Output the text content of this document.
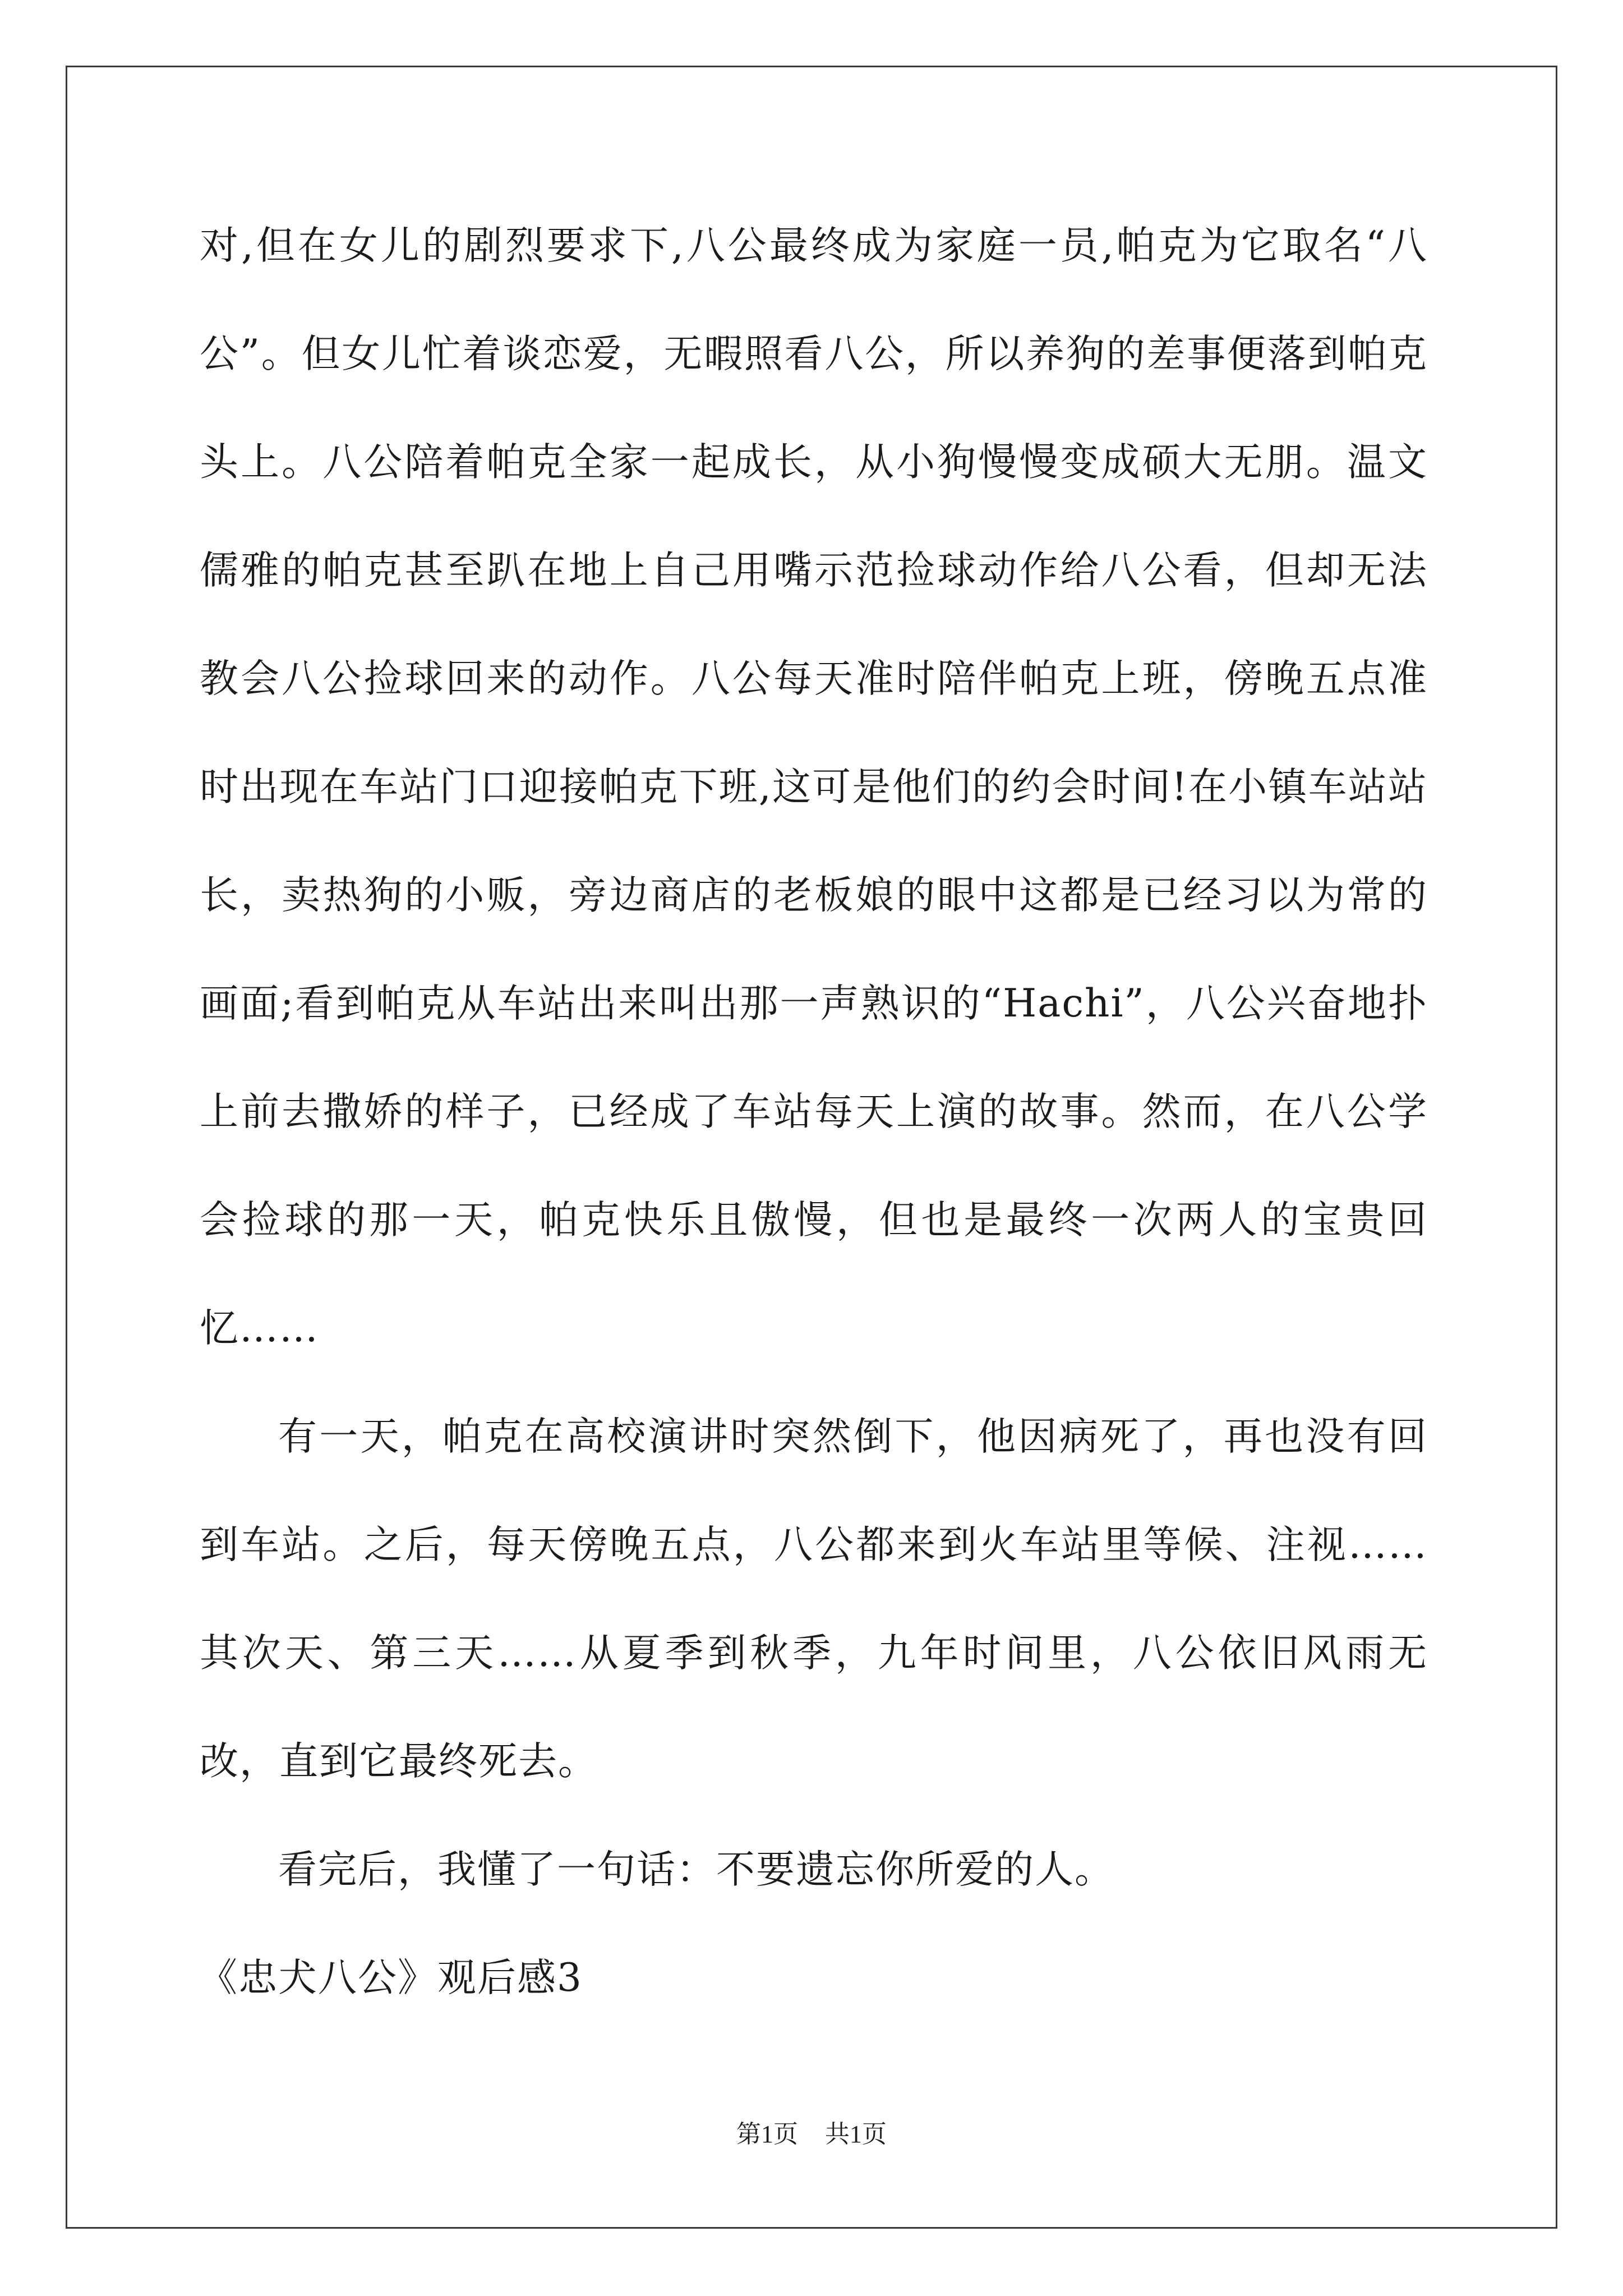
对,但在女儿的剧烈要求下,八公最终成为家庭一员,帕克为它取名“八公”。但女儿忙着谈恋爱，无暇照看八公，所以养狗的差事便落到帕克头上。八公陪着帕克全家一起成长，从小狗慢慢变成硕大无朋。温文儒雅的帕克甚至趴在地上自己用嘴示范捡球动作给八公看，但却无法教会八公捡球回来的动作。八公每天准时陪伴帕克上班，傍晚五点准时出现在车站门口迎接帕克下班,这可是他们的约会时间!在小镇车站站长，卖热狗的小贩，旁边商店的老板娘的眼中这都是已经习以为常的画面;看到帕克从车站出来叫出那一声熟识的“Hachi”，八公兴奋地扑上前去撒娇的样子，已经成了车站每天上演的故事。然而，在八公学会捡球的那一天，帕克快乐且傲慢，但也是最终一次两人的宝贵回忆……

有一天，帕克在高校演讲时突然倒下，他因病死了，再也没有回到车站。之后，每天傍晚五点，八公都来到火车站里等候、注视……其次天、第三天……从夏季到秋季，九年时间里，八公依旧风雨无改，直到它最终死去。

看完后，我懂了一句话：不要遗忘你所爱的人。

《忠犬八公》观后感3

第1页 共1页
